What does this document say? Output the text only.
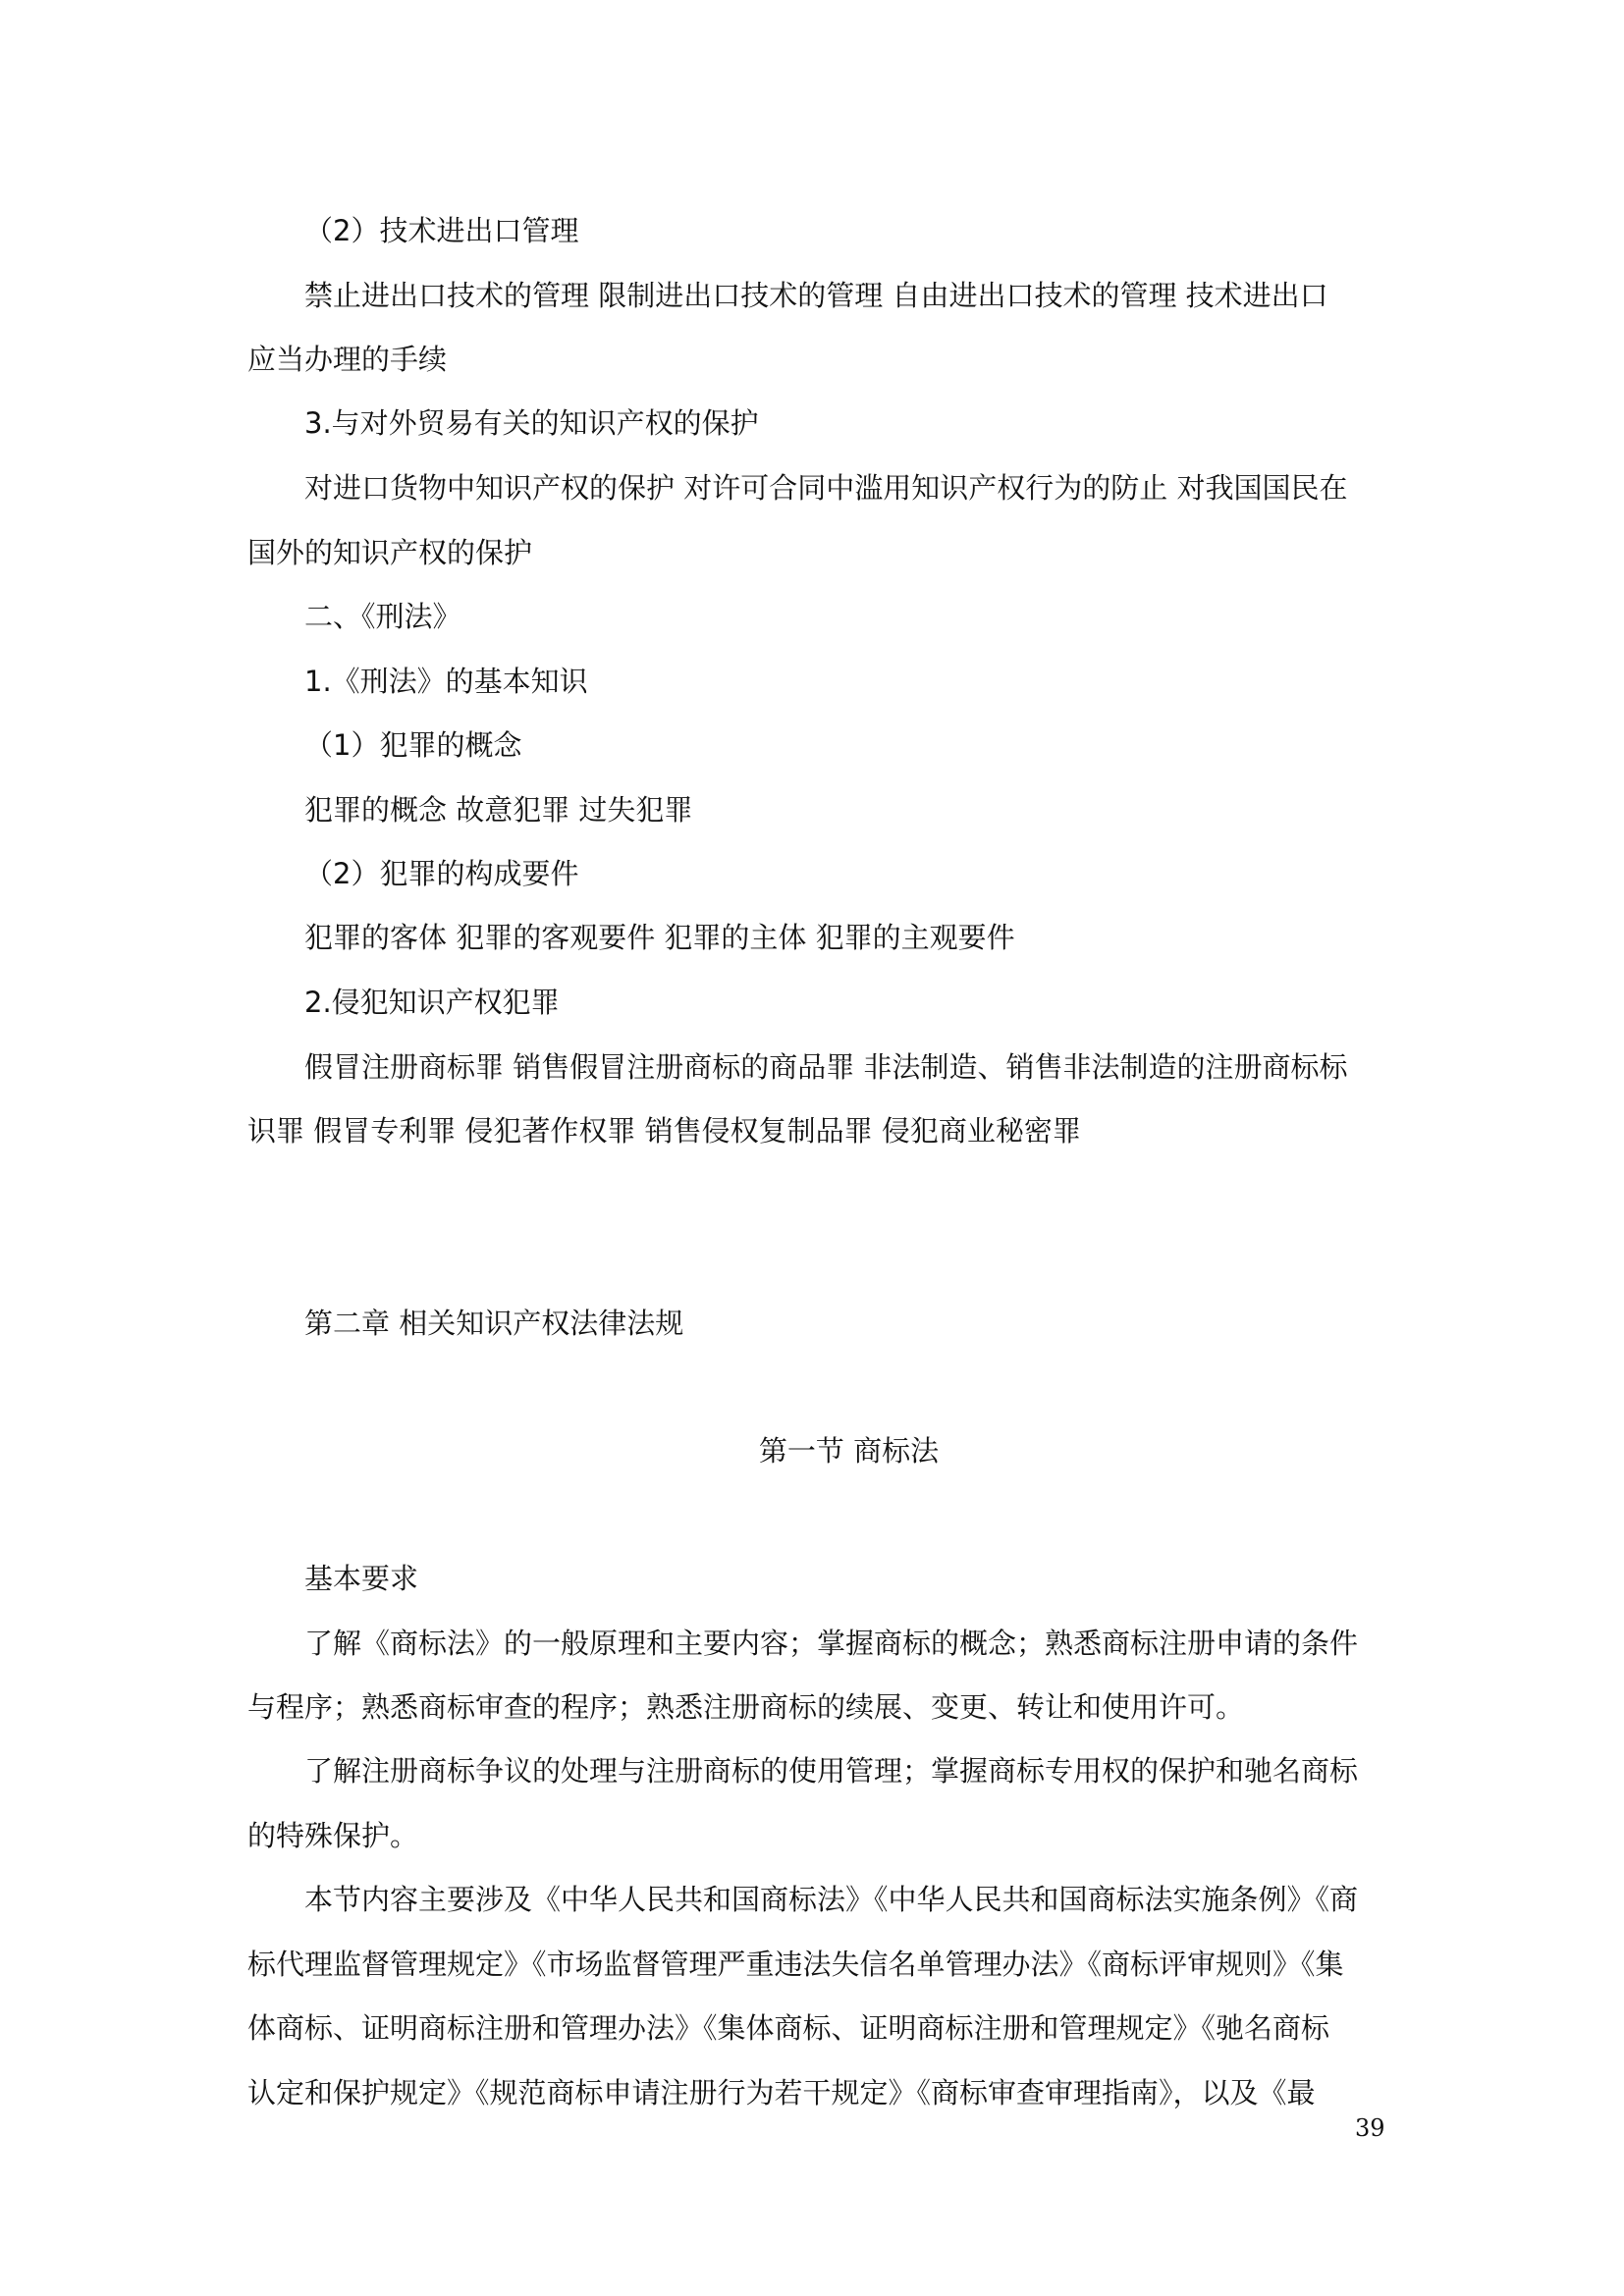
（2）技术进出口管理
禁止进出口技术的管理 限制进出口技术的管理 自由进出口技术的管理 技术进出口
应当办理的手续
3.与对外贸易有关的知识产权的保护
对进口货物中知识产权的保护 对许可合同中滥用知识产权行为的防止 对我国国民在
国外的知识产权的保护
二、《刑法》
1.《刑法》的基本知识
（1）犯罪的概念
犯罪的概念 故意犯罪 过失犯罪
（2）犯罪的构成要件
犯罪的客体 犯罪的客观要件 犯罪的主体 犯罪的主观要件
2.侵犯知识产权犯罪
假冒注册商标罪 销售假冒注册商标的商品罪 非法制造、销售非法制造的注册商标标
识罪 假冒专利罪 侵犯著作权罪 销售侵权复制品罪 侵犯商业秘密罪
第二章 相关知识产权法律法规
第一节 商标法
基本要求
了解《商标法》的一般原理和主要内容；掌握商标的概念；熟悉商标注册申请的条件
与程序；熟悉商标审查的程序；熟悉注册商标的续展、变更、转让和使用许可。
了解注册商标争议的处理与注册商标的使用管理；掌握商标专用权的保护和驰名商标
的特殊保护。
本节内容主要涉及《中华人民共和国商标法》《中华人民共和国商标法实施条例》《商
标代理监督管理规定》《市场监督管理严重违法失信名单管理办法》《商标评审规则》《集
体商标、证明商标注册和管理办法》《集体商标、证明商标注册和管理规定》《驰名商标
认定和保护规定》《规范商标申请注册行为若干规定》《商标审查审理指南》，以及《最
39
